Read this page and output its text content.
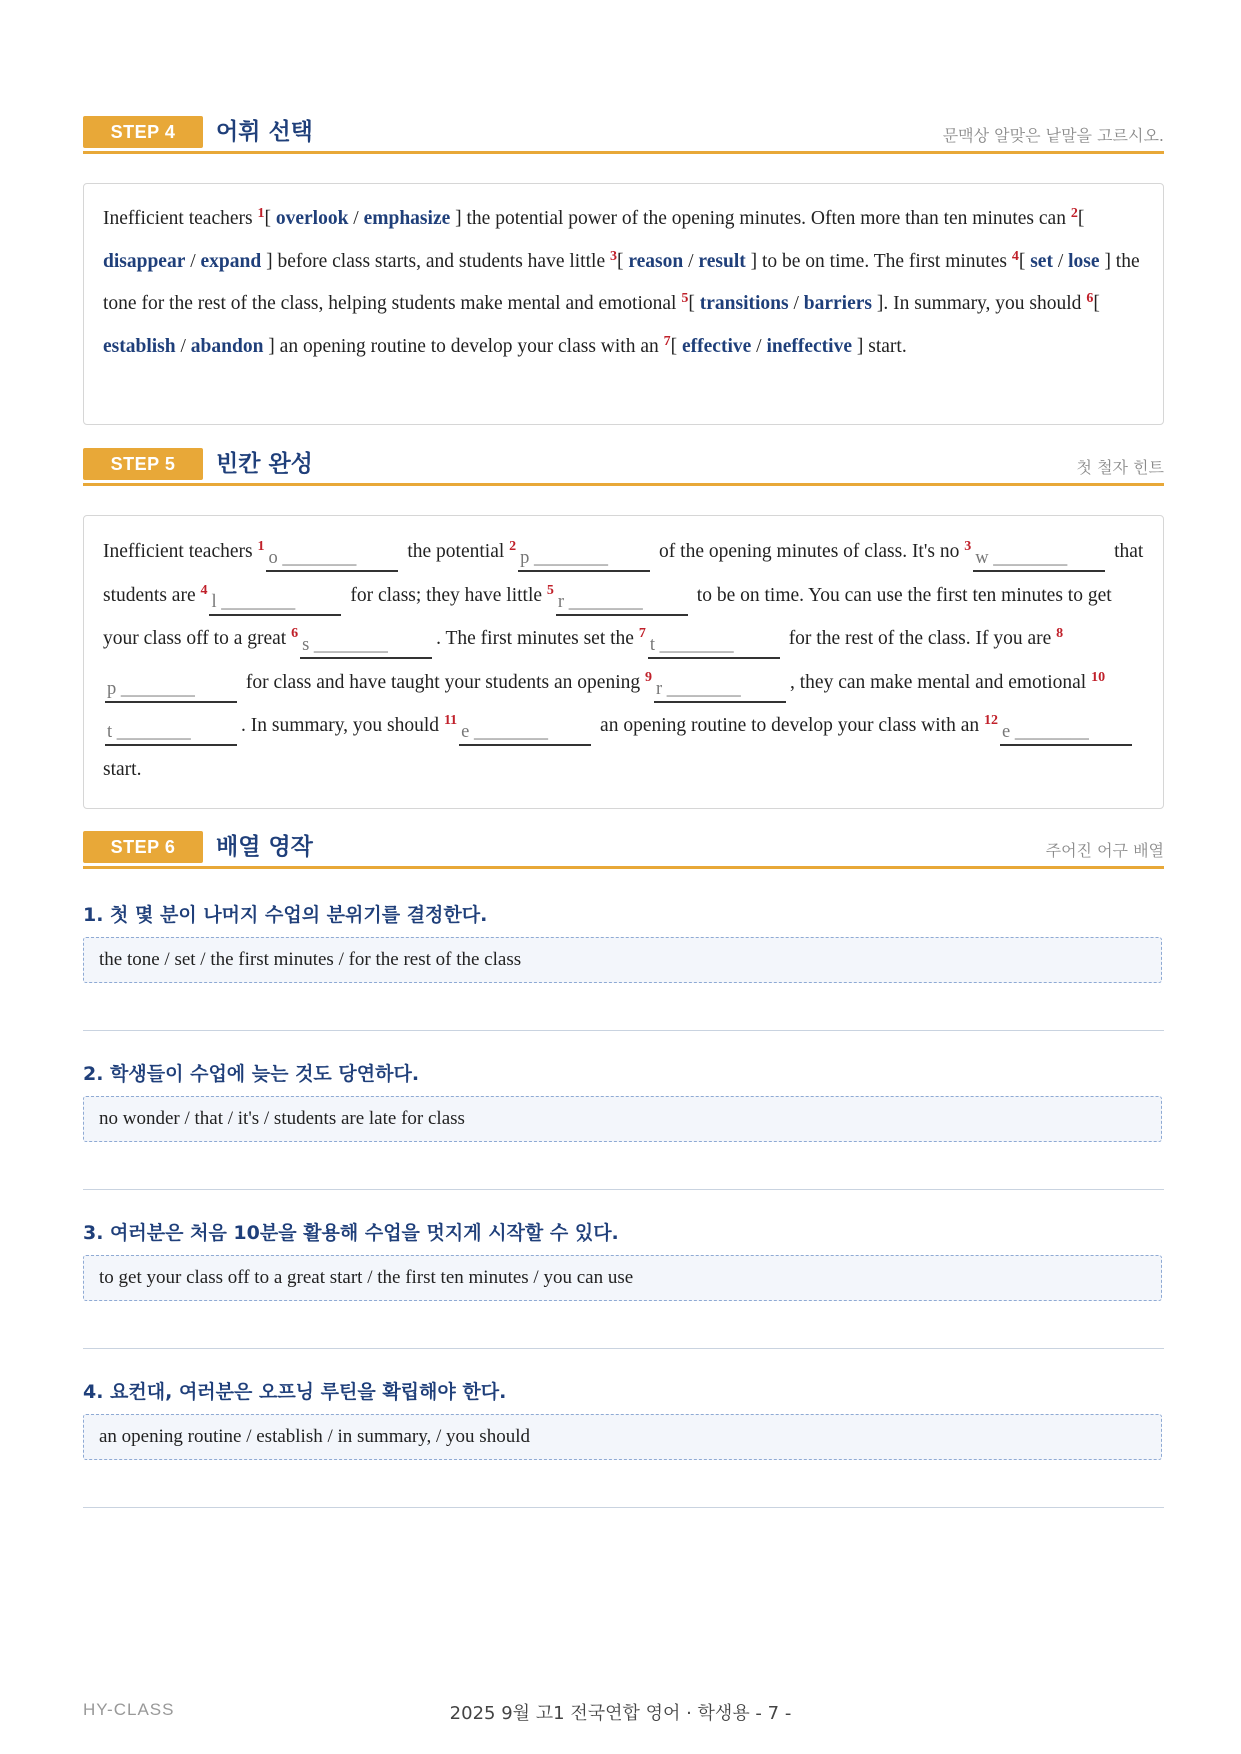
STEP 4	어휘 선택	문맥상 알맞은 낱말을 고르시오.
Inefficient teachers $^1$[ overlook / emphasize ] the potential power of the opening minutes. Often more than ten minutes can $^2$[ disappear / expand ] before class starts, and students have little $^3$[ reason / result ] to be on time. The first minutes $^4$[ set / lose ] the tone for the rest of the class, helping students make mental and emotional $^5$[ transitions / barriers ]. In summary, you should $^6$[ establish / abandon ] an opening routine to develop your class with an $^7$[ effective / ineffective ] start.
STEP 5	빈칸 완성	첫 철자 힌트
Inefficient teachers $^1$o ________ the potential $^2$p ________ of the opening minutes of class. It's no $^3$w ________ that students are $^4$l ________	for class; they have little $^5$r ________	to be on time. You can use the first ten minutes to get your class off to a great $^6$s ________ . The first minutes set the $^7$t ________	for the rest of the class. If you are $^8$p ________ for class and have taught your students an opening $^9$r ________	, they can make mental and emotional $^{10}$t ________	. In summary, you should $^{11}$e ________ an opening routine to develop your class with an $^{12}$e ________ start.
STEP 6	배열 영작	주어진 어구 배열
1. 첫 몇 분이 나머지 수업의 분위기를 결정한다.
the tone / set / the first minutes / for the rest of the class
2. 학생들이 수업에 늦는 것도 당연하다.
no wonder / that / it's / students are late for class
3. 여러분은 처음 10분을 활용해 수업을 멋지게 시작할 수 있다.
to get your class off to a great start / the first ten minutes / you can use
4. 요컨대, 여러분은 오프닝 루틴을 확립해야 한다.
an opening routine / establish / in summary, / you should
HY-CLASS	2025 9월 고1 전국연합 영어 · 학생용 - 7 -
